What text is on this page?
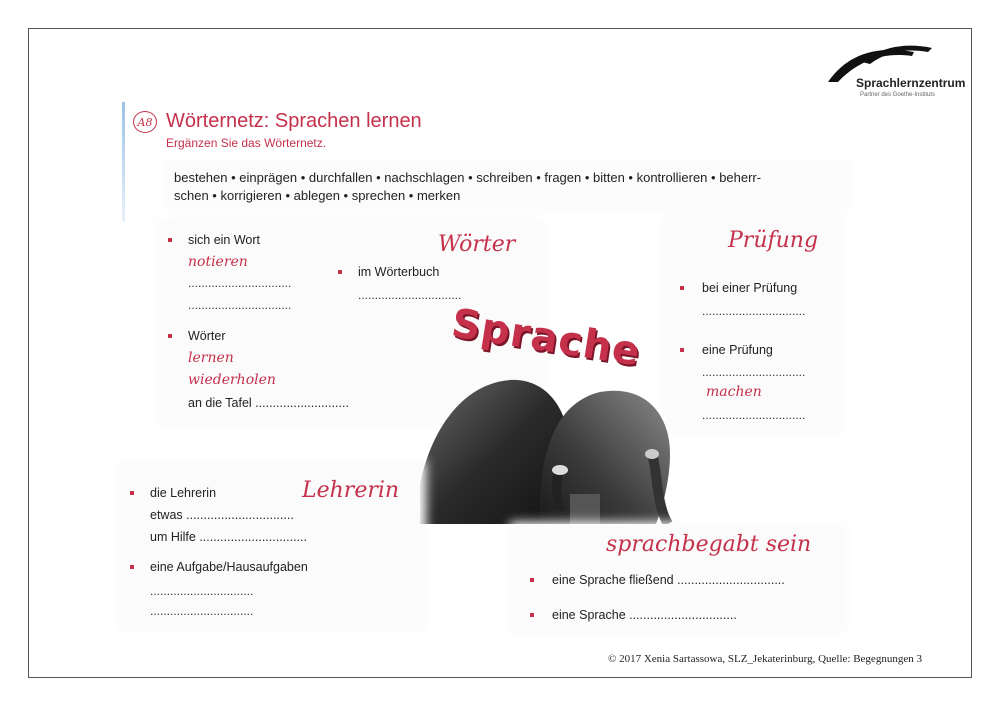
Sprachlernzentrum
Partner des Goethe-Instituts
A8 Wörternetz: Sprachen lernen
Ergänzen Sie das Wörternetz.
bestehen • einprägen • durchfallen • nachschlagen • schreiben • fragen • bitten • kontrollieren • beherr-
schen • korrigieren • ablegen • sprechen • merken
Wörter
sich ein Wort
notieren
...............................
...............................
im Wörterbuch
...............................
Wörter
lernen
wiederholen
an die Tafel ...........................
Prüfung
bei einer Prüfung
...............................
eine Prüfung
...............................
machen
...............................
Sprache
Lehrerin
die Lehrerin
etwas ...............................
um Hilfe ...............................
eine Aufgabe/Hausaufgaben
...............................
...............................
sprachbegabt sein
eine Sprache fließend ...............................
eine Sprache ...............................
© 2017 Xenia Sartassowa, SLZ_Jekaterinburg, Quelle: Begegnungen 3
